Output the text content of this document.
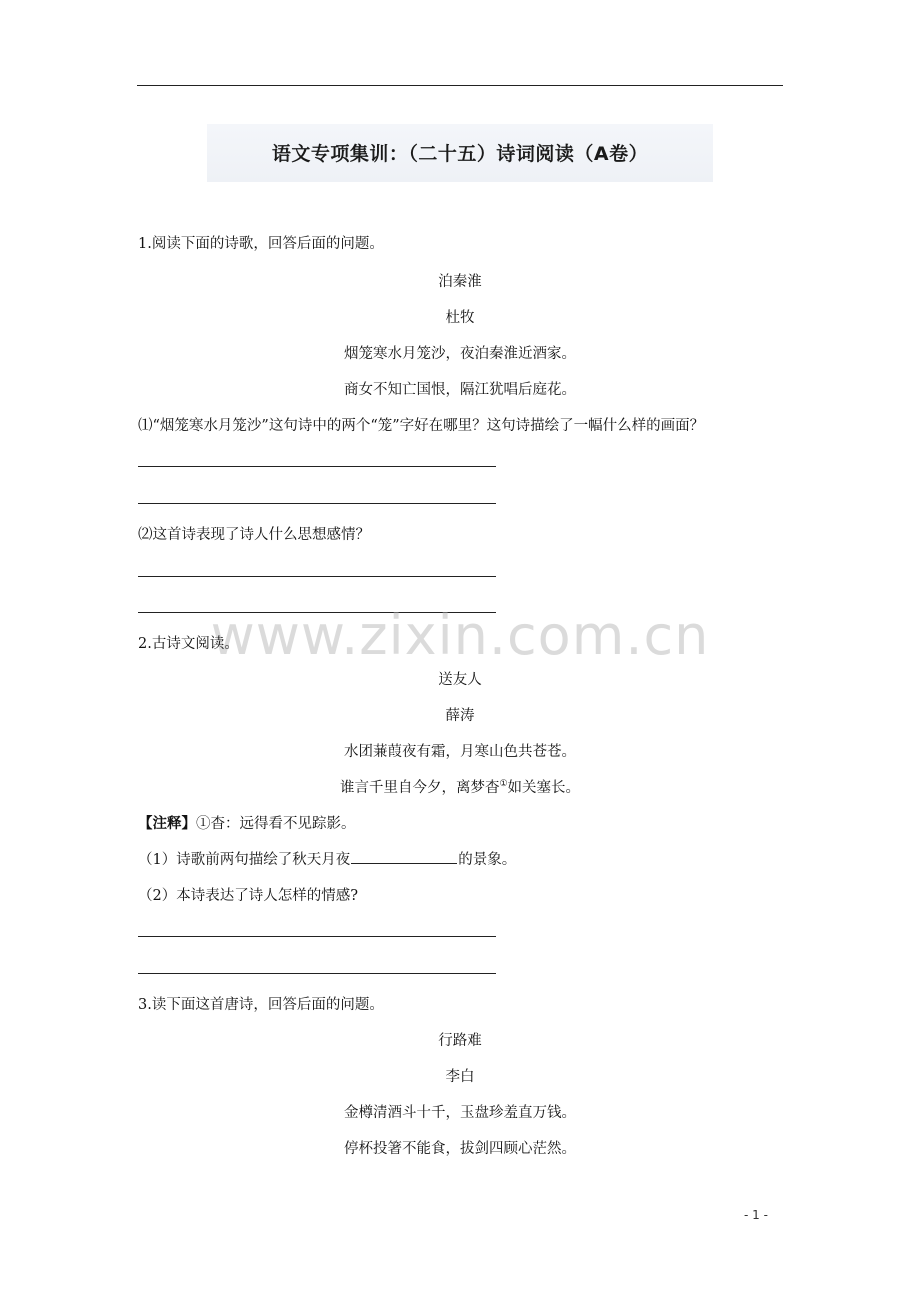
语文专项集训：（二十五）诗词阅读（A卷）
1.阅读下面的诗歌，回答后面的问题。
泊秦淮
杜牧
烟笼寒水月笼沙，夜泊秦淮近酒家。
商女不知亡国恨，隔江犹唱后庭花。
⑴“烟笼寒水月笼沙”这句诗中的两个“笼”字好在哪里？这句诗描绘了一幅什么样的画面？
⑵这首诗表现了诗人什么思想感情？
www.zixin.com.cn
2.古诗文阅读。
送友人
薛涛
水团蒹葭夜有霜，月寒山色共苍苍。
谁言千里自今夕，离梦杳①如关塞长。
【注释】①杳：远得看不见踪影。
（1）诗歌前两句描绘了秋天月夜	的景象。
（2）本诗表达了诗人怎样的情感?
3.读下面这首唐诗，回答后面的问题。
行路难
李白
金樽清酒斗十千，玉盘珍羞直万钱。
停杯投箸不能食，拔剑四顾心茫然。
- 1 -
